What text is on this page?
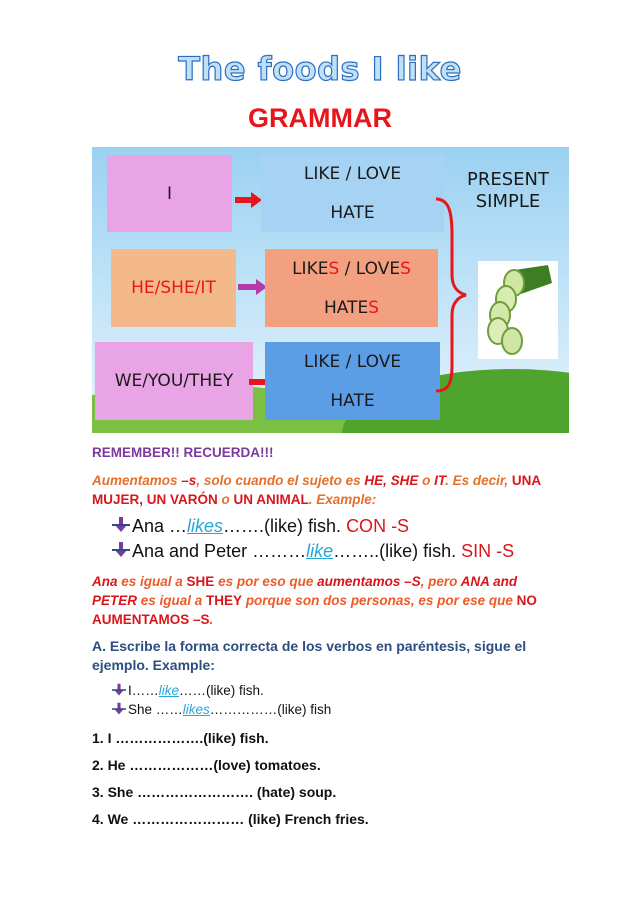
The foods I like
GRAMMAR
I
HE/SHE/IT
WE/YOU/THEY
LIKE / LOVE
HATE
LIKES / LOVES
HATES
LIKE / LOVE
HATE
PRESENT
SIMPLE
REMEMBER!! RECUERDA!!!
Aumentamos –s, solo cuando el sujeto es HE, SHE o IT. Es decir, UNA MUJER, UN VARÓN o UN ANIMAL. Example:
Ana …likes…….(like) fish. CON -S
Ana and Peter ………like……..(like) fish. SIN -S
Ana es igual a SHE es por eso que aumentamos –S, pero ANA and PETER es igual a THEY porque son dos personas, es por ese que NO AUMENTAMOS –S.
A. Escribe la forma correcta de los verbos en paréntesis, sigue el ejemplo. Example:
I……like……(like) fish.
She ……likes……………(like) fish
1. I ……………….(like) fish.
2. He ………………(love) tomatoes.
3. She ……………………. (hate) soup.
4. We …………………… (like) French fries.
